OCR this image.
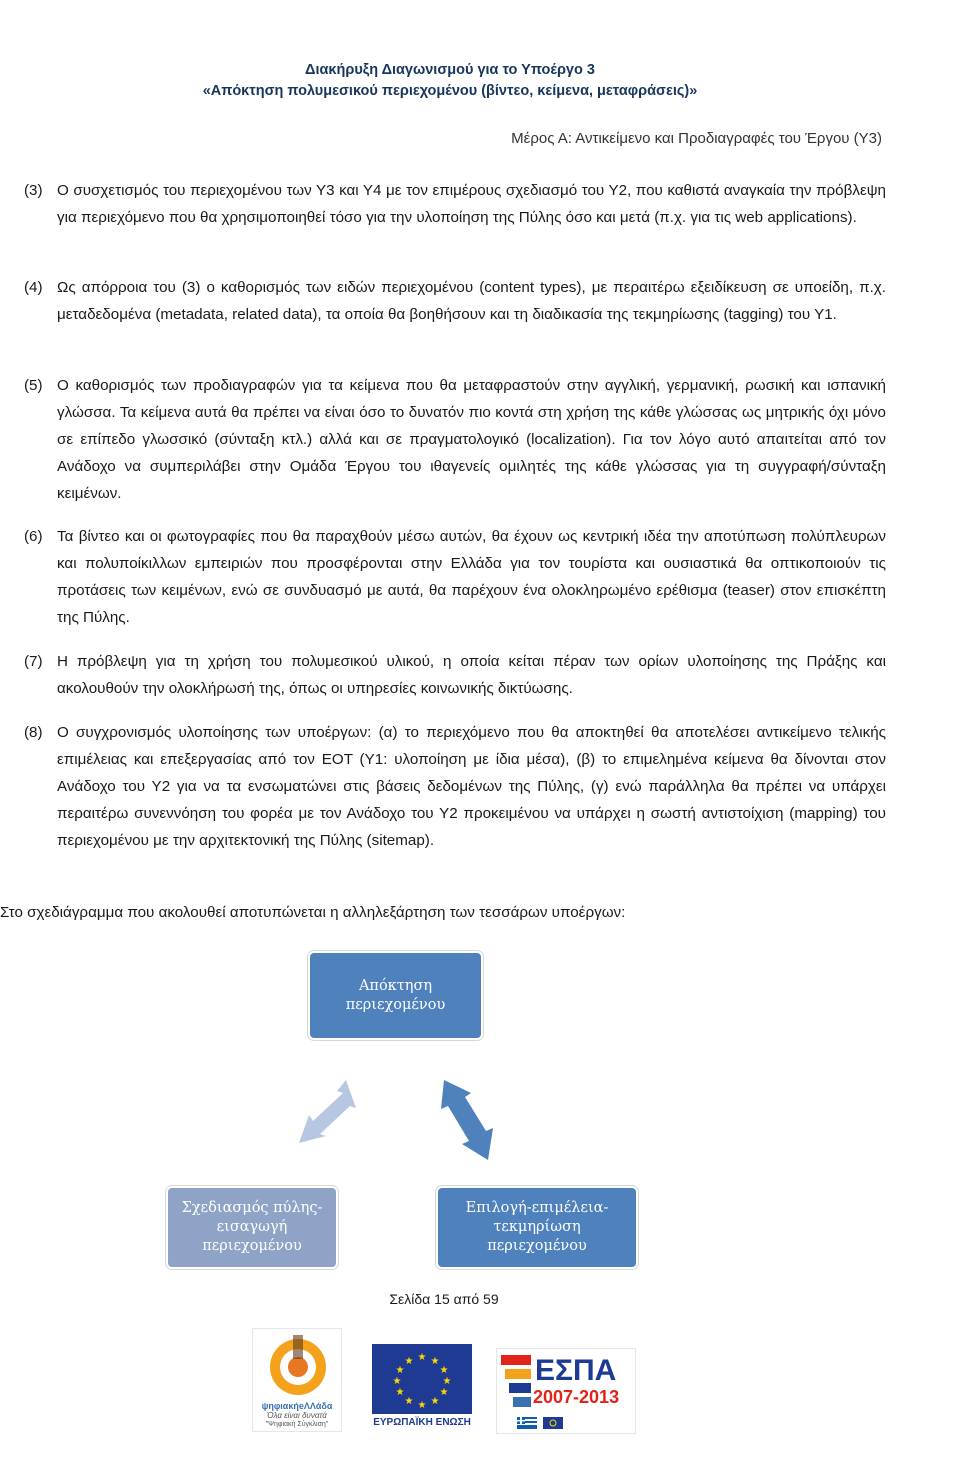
Διακήρυξη Διαγωνισμού για το Υποέργο 3
«Απόκτηση πολυμεσικού περιεχομένου (βίντεο, κείμενα, μεταφράσεις)»
Μέρος Α: Αντικείμενο και Προδιαγραφές του Έργου (Υ3)
(3) Ο συσχετισμός του περιεχομένου των Υ3 και Υ4 με τον επιμέρους σχεδιασμό του Υ2, που καθιστά αναγκαία την πρόβλεψη για περιεχόμενο που θα χρησιμοποιηθεί τόσο για την υλοποίηση της Πύλης όσο και μετά (π.χ. για τις web applications).
(4) Ως απόρροια του (3) ο καθορισμός των ειδών περιεχομένου (content types), με περαιτέρω εξειδίκευση σε υποείδη, π.χ. μεταδεδομένα (metadata, related data), τα οποία θα βοηθήσουν και τη διαδικασία της τεκμηρίωσης (tagging) του Υ1.
(5) Ο καθορισμός των προδιαγραφών για τα κείμενα που θα μεταφραστούν στην αγγλική, γερμανική, ρωσική και ισπανική γλώσσα. Τα κείμενα αυτά θα πρέπει να είναι όσο το δυνατόν πιο κοντά στη χρήση της κάθε γλώσσας ως μητρικής όχι μόνο σε επίπεδο γλωσσικό (σύνταξη κτλ.) αλλά και σε πραγματολογικό (localization). Για τον λόγο αυτό απαιτείται από τον Ανάδοχο να συμπεριλάβει στην Ομάδα Έργου του ιθαγενείς ομιλητές της κάθε γλώσσας για τη συγγραφή/σύνταξη κειμένων.
(6) Τα βίντεο και οι φωτογραφίες που θα παραχθούν μέσω αυτών, θα έχουν ως κεντρική ιδέα την αποτύπωση πολύπλευρων και πολυποίκιλλων εμπειριών που προσφέρονται στην Ελλάδα για τον τουρίστα και ουσιαστικά θα οπτικοποιούν τις προτάσεις των κειμένων, ενώ σε συνδυασμό με αυτά, θα παρέχουν ένα ολοκληρωμένο ερέθισμα (teaser) στον επισκέπτη της Πύλης.
(7) Η πρόβλεψη για τη χρήση του πολυμεσικού υλικού, η οποία κείται πέραν των ορίων υλοποίησης της Πράξης και ακολουθούν την ολοκλήρωσή της, όπως οι υπηρεσίες κοινωνικής δικτύωσης.
(8) Ο συγχρονισμός υλοποίησης των υποέργων: (α) το περιεχόμενο που θα αποκτηθεί θα αποτελέσει αντικείμενο τελικής επιμέλειας και επεξεργασίας από τον ΕΟΤ (Υ1: υλοποίηση με ίδια μέσα), (β) το επιμελημένα κείμενα θα δίνονται στον Ανάδοχο του Υ2 για να τα ενσωματώνει στις βάσεις δεδομένων της Πύλης, (γ) ενώ παράλληλα θα πρέπει να υπάρχει περαιτέρω συνεννόηση του φορέα με τον Ανάδοχο του Υ2 προκειμένου να υπάρχει η σωστή αντιστοίχιση (mapping) του περιεχομένου με την αρχιτεκτονική της Πύλης (sitemap).
Στο σχεδιάγραμμα που ακολουθεί αποτυπώνεται η αλληλεξάρτηση των τεσσάρων υποέργων:
Απόκτηση
περιεχομένου
Σχεδιασμός πύλης-
εισαγωγή
περιεχομένου
Επιλογή-επιμέλεια-
τεκμηρίωση
περιεχομένου
Σελίδα 15 από 59
ψηφιακήeΛΛάδα
Όλα είναι δυνατά
"Ψηφιακή Σύγκλιση"
★ ★
★
★
★
★
★
★
★
★
★
★
ΕΥΡΩΠΑΪΚΗ ΕΝΩΣΗ
ΕΣΠΑ
2007-2013
